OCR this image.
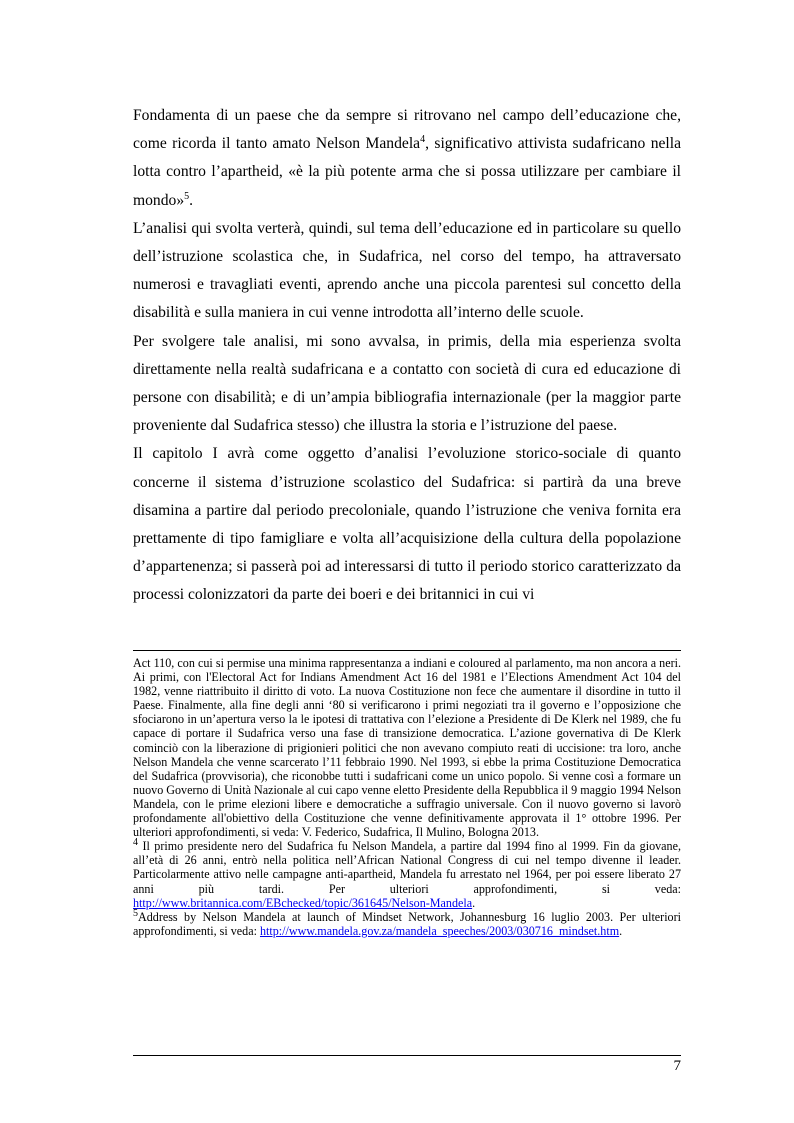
Fondamenta di un paese che da sempre si ritrovano nel campo dell’educazione che, come ricorda il tanto amato Nelson Mandela$^4$, significativo attivista sudafricano nella lotta contro l’apartheid, «è la più potente arma che si possa utilizzare per cambiare il mondo»$^5$.

L’analisi qui svolta verterà, quindi, sul tema dell’educazione ed in particolare su quello dell’istruzione scolastica che, in Sudafrica, nel corso del tempo, ha attraversato numerosi e travagliati eventi, aprendo anche una piccola parentesi sul concetto della disabilità e sulla maniera in cui venne introdotta all’interno delle scuole.

Per svolgere tale analisi, mi sono avvalsa, in primis, della mia esperienza svolta direttamente nella realtà sudafricana e a contatto con società di cura ed educazione di persone con disabilità; e di un’ampia bibliografia internazionale (per la maggior parte proveniente dal Sudafrica stesso) che illustra la storia e l’istruzione del paese.

Il capitolo I avrà come oggetto d’analisi l’evoluzione storico-sociale di quanto concerne il sistema d’istruzione scolastico del Sudafrica: si partirà da una breve disamina a partire dal periodo precoloniale, quando l’istruzione che veniva fornita era prettamente di tipo famigliare e volta all’acquisizione della cultura della popolazione d’appartenenza; si passerà poi ad interessarsi di tutto il periodo storico caratterizzato da processi colonizzatori da parte dei boeri e dei britannici in cui vi

Act 110, con cui si permise una minima rappresentanza a indiani e coloured al parlamento, ma non ancora a neri. Ai primi, con l'Electoral Act for Indians Amendment Act 16 del 1981 e l’Elections Amendment Act 104 del 1982, venne riattribuito il diritto di voto. La nuova Costituzione non fece che aumentare il disordine in tutto il Paese. Finalmente, alla fine degli anni ‘80 si verificarono i primi negoziati tra il governo e l’opposizione che sfociarono in un’apertura verso la le ipotesi di trattativa con l’elezione a Presidente di De Klerk nel 1989, che fu capace di portare il Sudafrica verso una fase di transizione democratica. L’azione governativa di De Klerk cominciò con la liberazione di prigionieri politici che non avevano compiuto reati di uccisione: tra loro, anche Nelson Mandela che venne scarcerato l’11 febbraio 1990. Nel 1993, si ebbe la prima Costituzione Democratica del Sudafrica (provvisoria), che riconobbe tutti i sudafricani come un unico popolo. Si venne così a formare un nuovo Governo di Unità Nazionale al cui capo venne eletto Presidente della Repubblica il 9 maggio 1994 Nelson Mandela, con le prime elezioni libere e democratiche a suffragio universale. Con il nuovo governo si lavorò profondamente all'obiettivo della Costituzione che venne definitivamente approvata il 1° ottobre 1996. Per ulteriori approfondimenti, si veda: V. Federico, Sudafrica, Il Mulino, Bologna 2013.

$^4$ Il primo presidente nero del Sudafrica fu Nelson Mandela, a partire dal 1994 fino al 1999. Fin da giovane, all’età di 26 anni, entrò nella politica nell’African National Congress di cui nel tempo divenne il leader. Particolarmente attivo nelle campagne anti-apartheid, Mandela fu arrestato nel 1964, per poi essere liberato 27 anni più tardi. Per ulteriori approfondimenti, si veda: http://www.britannica.com/EBchecked/topic/361645/Nelson-Mandela.

$^5$Address by Nelson Mandela at launch of Mindset Network, Johannesburg 16 luglio 2003. Per ulteriori approfondimenti, si veda: http://www.mandela.gov.za/mandela_speeches/2003/030716_mindset.htm.

7
